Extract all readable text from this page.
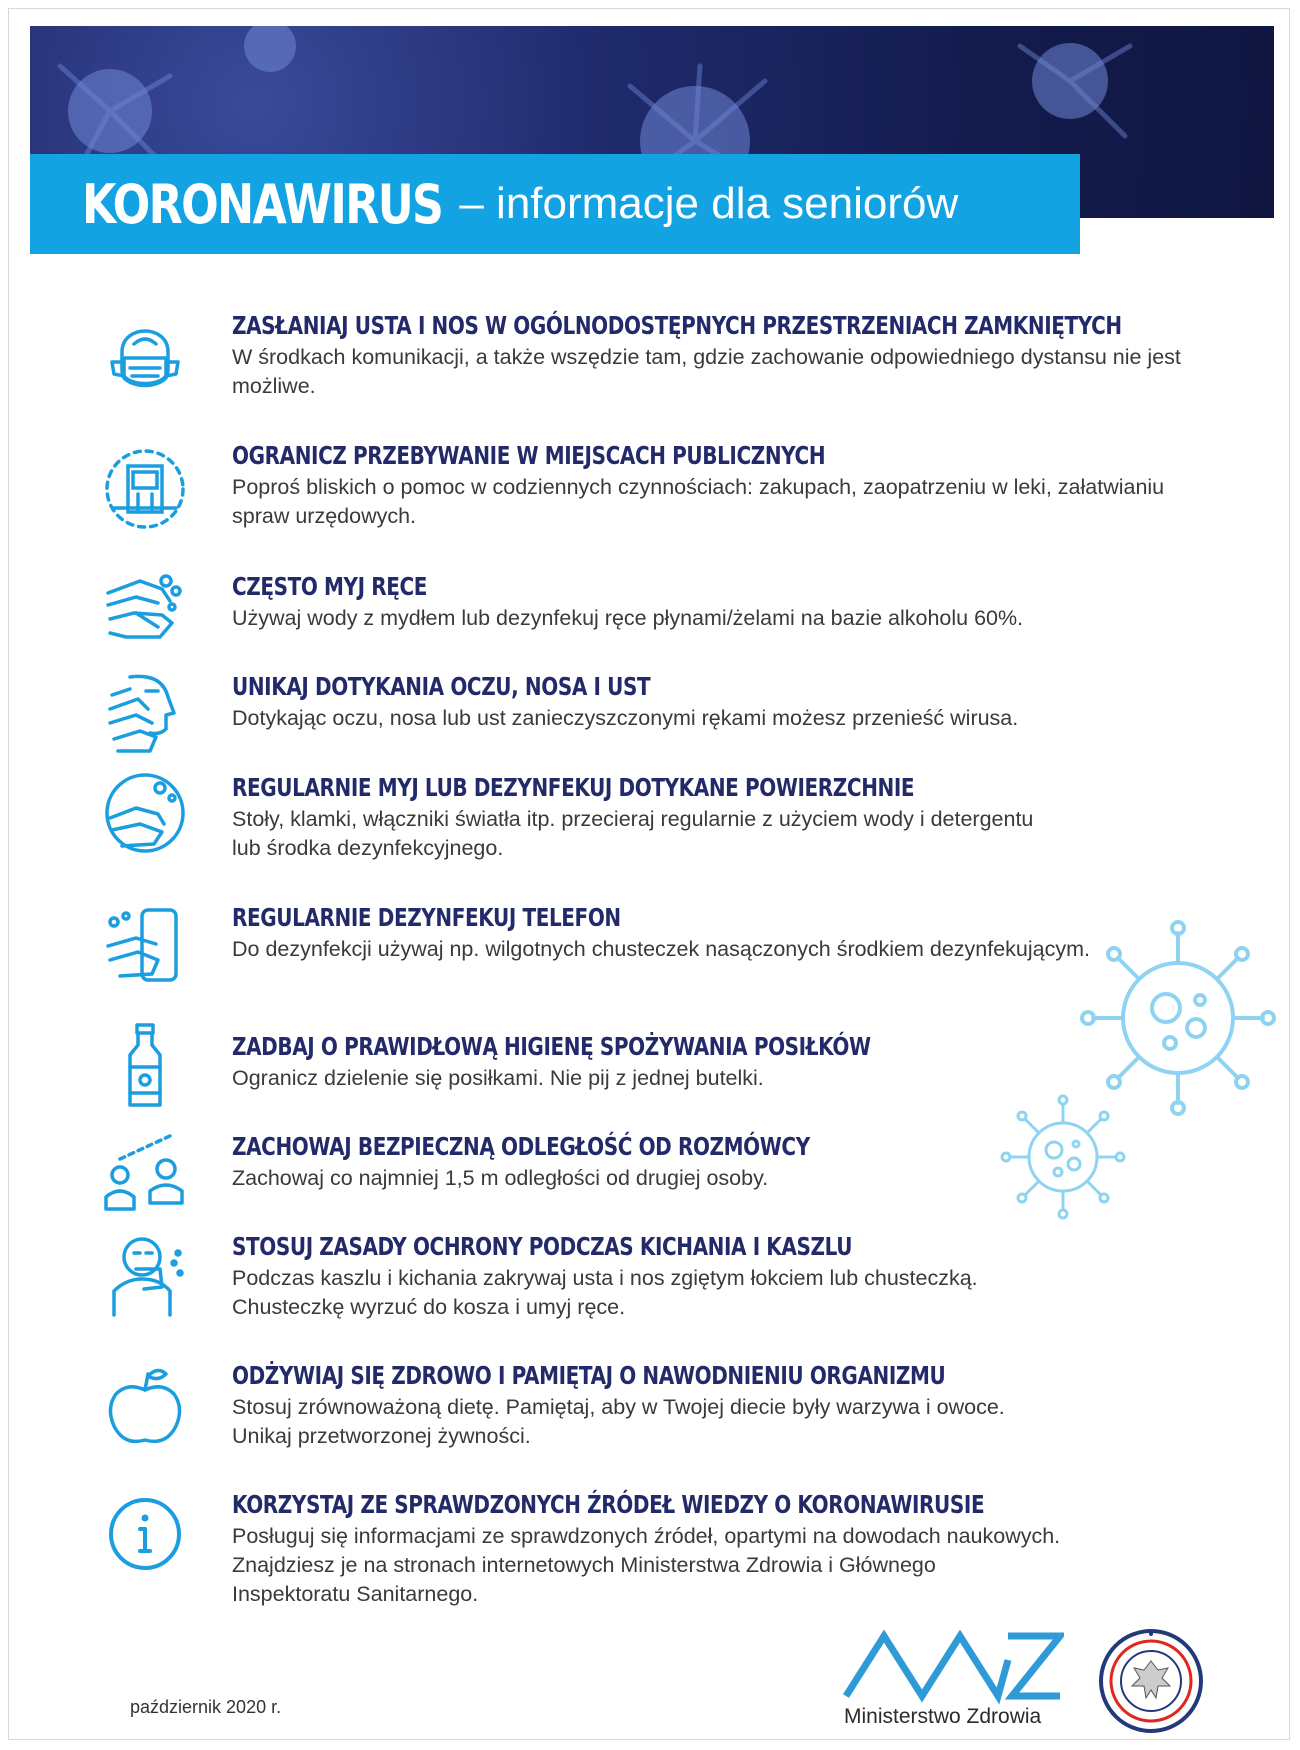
KORONAWIRUS – informacje dla seniorów
ZASŁANIAJ USTA I NOS W OGÓLNODOSTĘPNYCH PRZESTRZENIACH ZAMKNIĘTYCH
W środkach komunikacji, a także wszędzie tam, gdzie zachowanie odpowiedniego dystansu nie jest możliwe.
OGRANICZ PRZEBYWANIE W MIEJSCACH PUBLICZNYCH
Poproś bliskich o pomoc w codziennych czynnościach: zakupach, zaopatrzeniu w leki, załatwianiu spraw urzędowych.
CZĘSTO MYJ RĘCE
Używaj wody z mydłem lub dezynfekuj ręce płynami/żelami na bazie alkoholu 60%.
UNIKAJ DOTYKANIA OCZU, NOSA I UST
Dotykając oczu, nosa lub ust zanieczyszczonymi rękami możesz przenieść wirusa.
REGULARNIE MYJ LUB DEZYNFEKUJ DOTYKANE POWIERZCHNIE
Stoły, klamki, włączniki światła itp. przecieraj regularnie z użyciem wody i detergentu
lub środka dezynfekcyjnego.
REGULARNIE DEZYNFEKUJ TELEFON
Do dezynfekcji używaj np. wilgotnych chusteczek nasączonych środkiem dezynfekującym.
ZADBAJ O PRAWIDŁOWĄ HIGIENĘ SPOŻYWANIA POSIŁKÓW
Ogranicz dzielenie się posiłkami. Nie pij z jednej butelki.
ZACHOWAJ BEZPIECZNĄ ODLEGŁOŚĆ OD ROZMÓWCY
Zachowaj co najmniej 1,5 m odległości od drugiej osoby.
STOSUJ ZASADY OCHRONY PODCZAS KICHANIA I KASZLU
Podczas kaszlu i kichania zakrywaj usta i nos zgiętym łokciem lub chusteczką.
Chusteczkę wyrzuć do kosza i umyj ręce.
ODŻYWIAJ SIĘ ZDROWO I PAMIĘTAJ O NAWODNIENIU ORGANIZMU
Stosuj zrównoważoną dietę. Pamiętaj, aby w Twojej diecie były warzywa i owoce.
Unikaj przetworzonej żywności.
KORZYSTAJ ZE SPRAWDZONYCH ŹRÓDEŁ WIEDZY O KORONAWIRUSIE
Posługuj się informacjami ze sprawdzonych źródeł, opartymi na dowodach naukowych.
Znajdziesz je na stronach internetowych Ministerstwa Zdrowia i Głównego
Inspektoratu Sanitarnego.
październik 2020 r.	Ministerstwo Zdrowia
